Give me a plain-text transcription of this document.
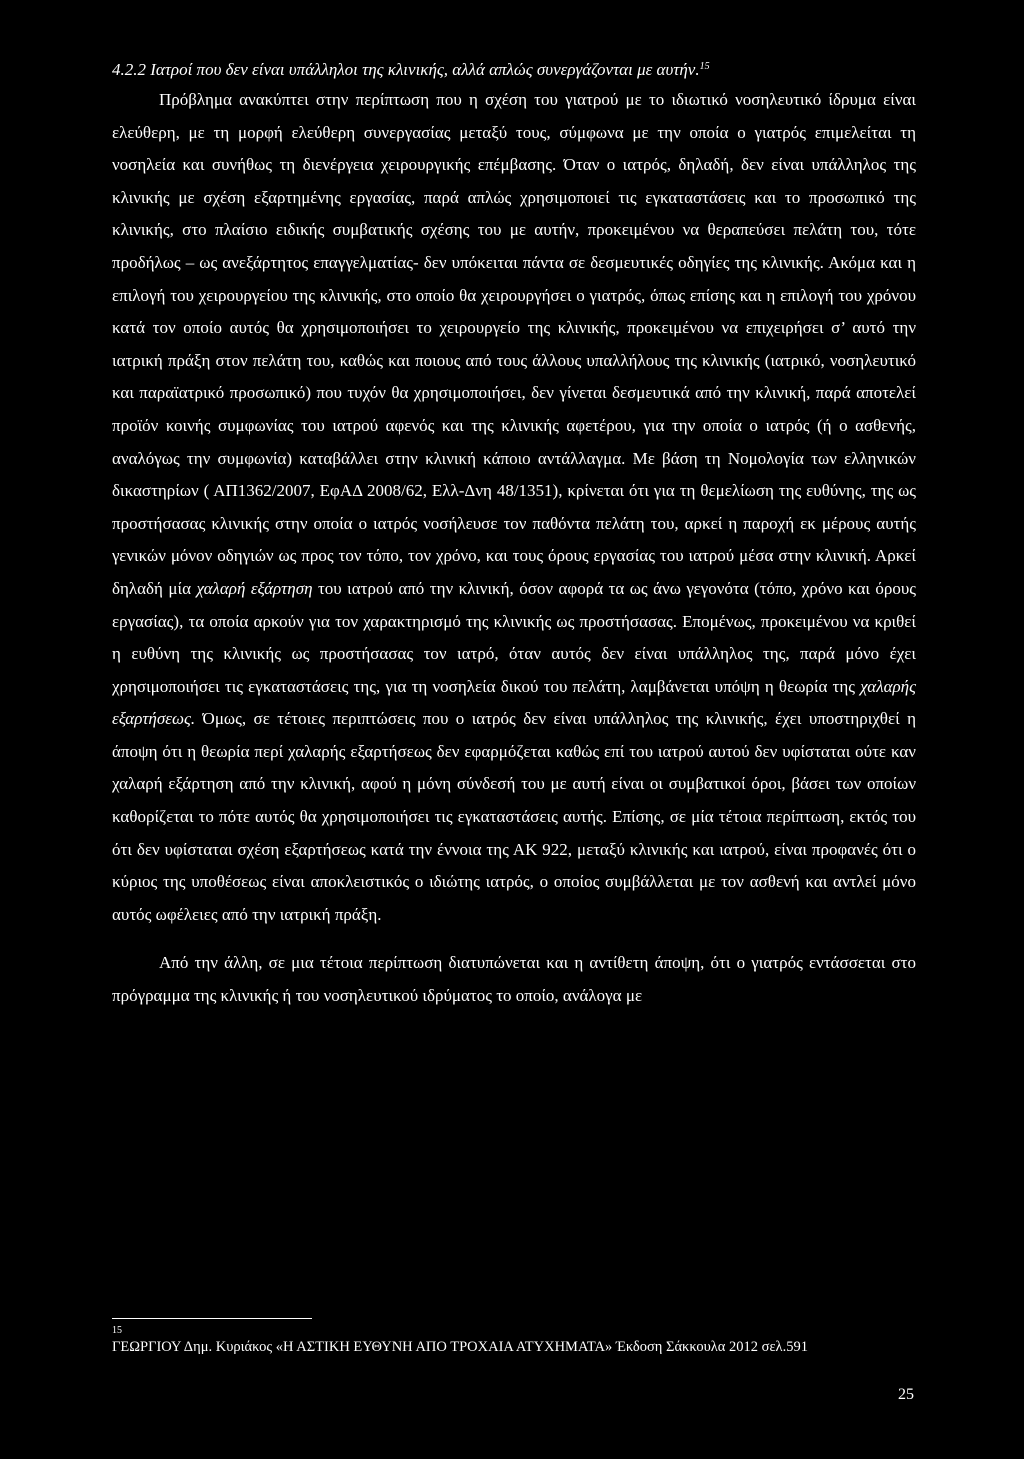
4.2.2 Ιατροί που δεν είναι υπάλληλοι της κλινικής, αλλά απλώς συνεργάζονται με αυτήν.$^{15}$

Πρόβλημα ανακύπτει στην περίπτωση που η σχέση του γιατρού με το ιδιωτικό νοσηλευτικό ίδρυμα είναι ελεύθερη, με τη μορφή ελεύθερη συνεργασίας μεταξύ τους, σύμφωνα με την οποία ο γιατρός επιμελείται τη νοσηλεία και συνήθως τη διενέργεια χειρουργικής επέμβασης. Όταν ο ιατρός, δηλαδή, δεν είναι υπάλληλος της κλινικής με σχέση εξαρτημένης εργασίας, παρά απλώς χρησιμοποιεί τις εγκαταστάσεις και το προσωπικό της κλινικής, στο πλαίσιο ειδικής συμβατικής σχέσης του με αυτήν, προκειμένου να θεραπεύσει πελάτη του, τότε προδήλως – ως ανεξάρτητος επαγγελματίας- δεν υπόκειται πάντα σε δεσμευτικές οδηγίες της κλινικής. Ακόμα και η επιλογή του χειρουργείου της κλινικής, στο οποίο θα χειρουργήσει ο γιατρός, όπως επίσης και η επιλογή του χρόνου κατά τον οποίο αυτός θα χρησιμοποιήσει το χειρουργείο της κλινικής, προκειμένου να επιχειρήσει σ’ αυτό την ιατρική πράξη στον πελάτη του, καθώς και ποιους από τους άλλους υπαλλήλους της κλινικής (ιατρικό, νοσηλευτικό και παραϊατρικό προσωπικό) που τυχόν θα χρησιμοποιήσει, δεν γίνεται δεσμευτικά από την κλινική, παρά αποτελεί προϊόν κοινής συμφωνίας του ιατρού αφενός και της κλινικής αφετέρου, για την οποία ο ιατρός (ή ο ασθενής, αναλόγως την συμφωνία) καταβάλλει στην κλινική κάποιο αντάλλαγμα. Με βάση τη Νομολογία των ελληνικών δικαστηρίων ( ΑΠ1362/2007, ΕφΑΔ 2008/62, Ελλ-Δνη 48/1351), κρίνεται ότι για τη θεμελίωση της ευθύνης, της ως προστήσασας κλινικής στην οποία ο ιατρός νοσήλευσε τον παθόντα πελάτη του, αρκεί η παροχή εκ μέρους αυτής γενικών μόνον οδηγιών ως προς τον τόπο, τον χρόνο, και τους όρους εργασίας του ιατρού μέσα στην κλινική. Αρκεί δηλαδή μία χαλαρή εξάρτηση του ιατρού από την κλινική, όσον αφορά τα ως άνω γεγονότα (τόπο, χρόνο και όρους εργασίας), τα οποία αρκούν για τον χαρακτηρισμό της κλινικής ως προστήσασας. Επομένως, προκειμένου να κριθεί η ευθύνη της κλινικής ως προστήσασας τον ιατρό, όταν αυτός δεν είναι υπάλληλος της, παρά μόνο έχει χρησιμοποιήσει τις εγκαταστάσεις της, για τη νοσηλεία δικού του πελάτη, λαμβάνεται υπόψη η θεωρία της χαλαρής εξαρτήσεως. Όμως, σε τέτοιες περιπτώσεις που ο ιατρός δεν είναι υπάλληλος της κλινικής, έχει υποστηριχθεί η άποψη ότι η θεωρία περί χαλαρής εξαρτήσεως δεν εφαρμόζεται καθώς επί του ιατρού αυτού δεν υφίσταται ούτε καν χαλαρή εξάρτηση από την κλινική, αφού η μόνη σύνδεσή του με αυτή είναι οι συμβατικοί όροι, βάσει των οποίων καθορίζεται το πότε αυτός θα χρησιμοποιήσει τις εγκαταστάσεις αυτής. Επίσης, σε μία τέτοια περίπτωση, εκτός του ότι δεν υφίσταται σχέση εξαρτήσεως κατά την έννοια της ΑΚ 922, μεταξύ κλινικής και ιατρού, είναι προφανές ότι ο κύριος της υποθέσεως είναι αποκλειστικός ο ιδιώτης ιατρός, ο οποίος συμβάλλεται με τον ασθενή και αντλεί μόνο αυτός ωφέλειες από την ιατρική πράξη.

Από την άλλη, σε μια τέτοια περίπτωση διατυπώνεται και η αντίθετη άποψη, ότι ο γιατρός εντάσσεται στο πρόγραμμα της κλινικής ή του νοσηλευτικού ιδρύματος το οποίο, ανάλογα με

15
ΓΕΩΡΓΙΟΥ Δημ. Κυριάκος «Η ΑΣΤΙΚΗ ΕΥΘΥΝΗ ΑΠΟ ΤΡΟΧΑΙΑ ΑΤΥΧΗΜΑΤΑ» Έκδοση Σάκκουλα 2012 σελ.591
25
